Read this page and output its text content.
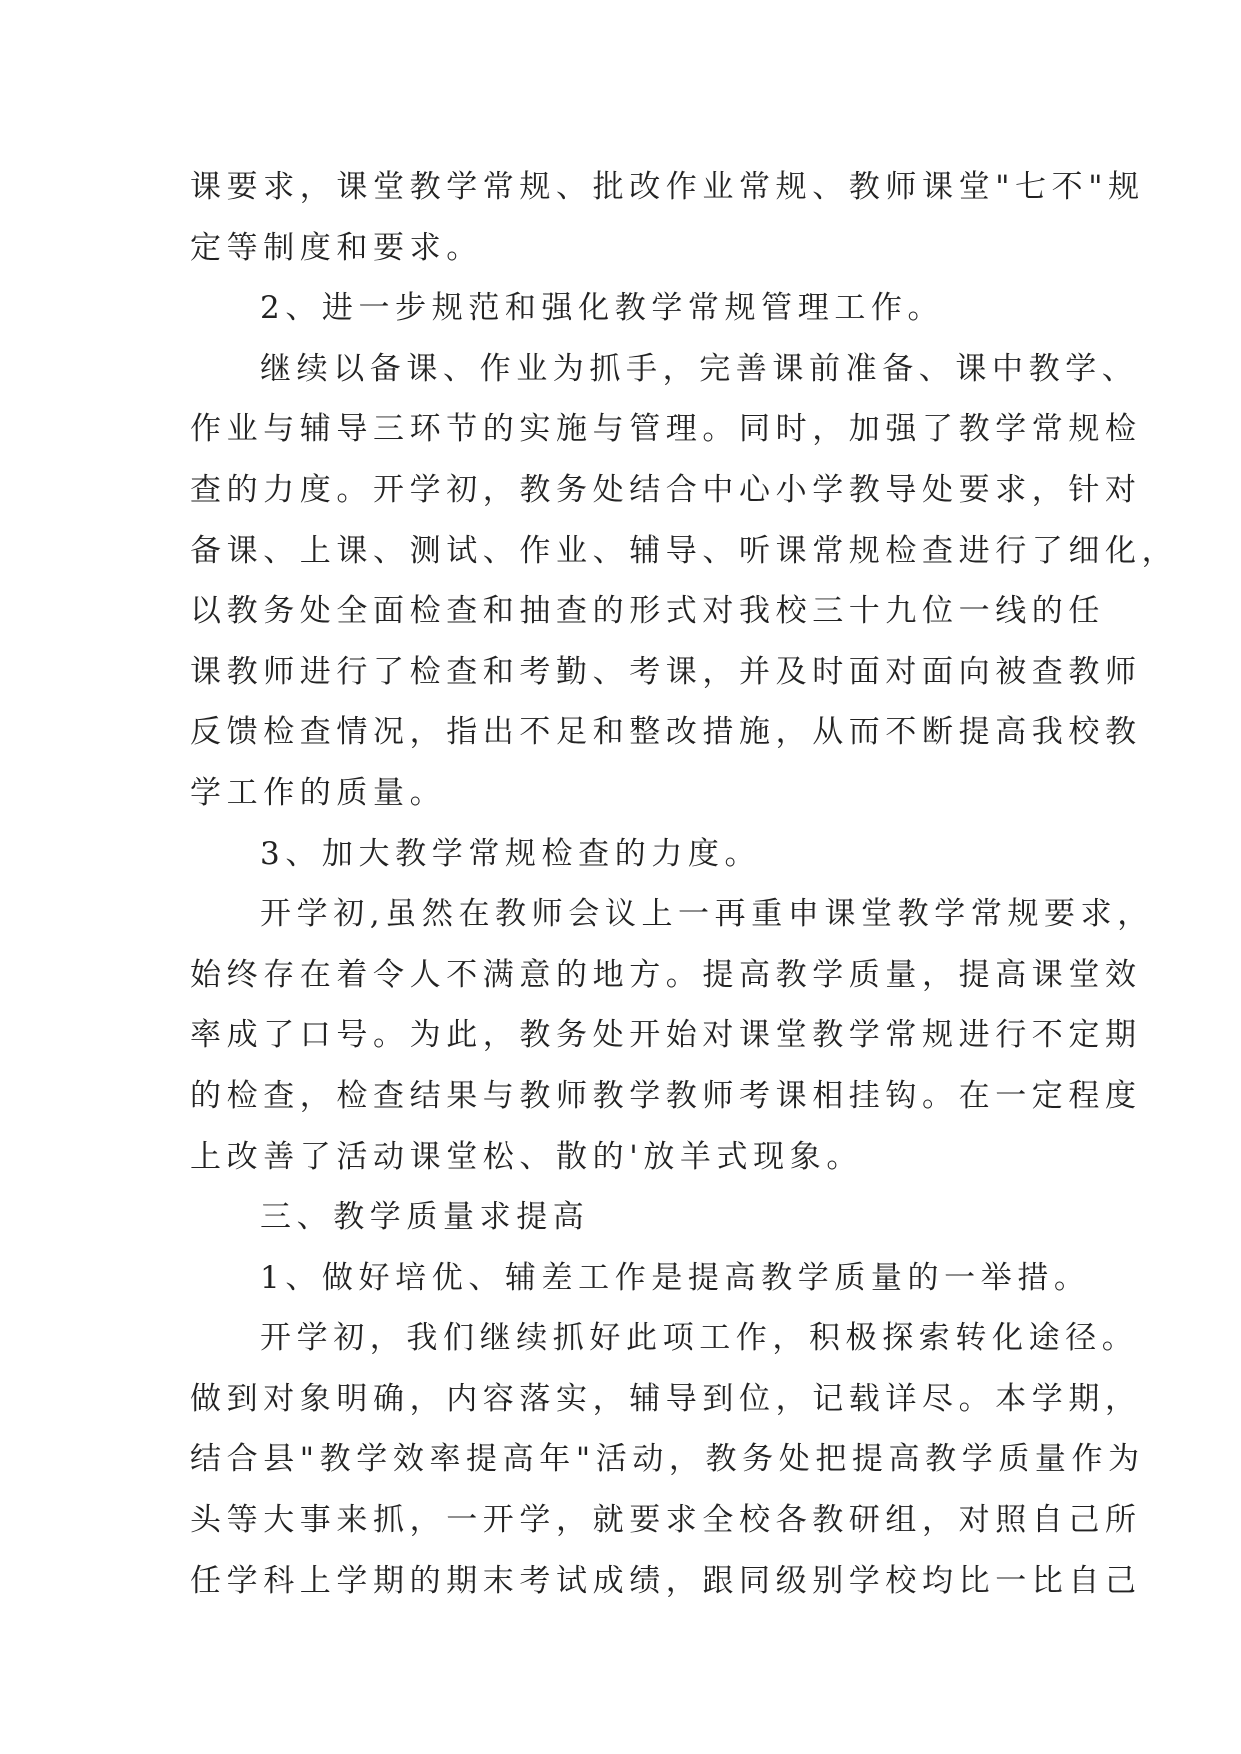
课要求，课堂教学常规、批改作业常规、教师课堂"七不"规
定等制度和要求。
2、进一步规范和强化教学常规管理工作。
继续以备课、作业为抓手，完善课前准备、课中教学、
作业与辅导三环节的实施与管理。同时，加强了教学常规检
查的力度。开学初，教务处结合中心小学教导处要求，针对
备课、上课、测试、作业、辅导、听课常规检查进行了细化，
以教务处全面检查和抽查的形式对我校三十九位一线的任
课教师进行了检查和考勤、考课，并及时面对面向被查教师
反馈检查情况，指出不足和整改措施，从而不断提高我校教
学工作的质量。
3、加大教学常规检查的力度。
开学初,虽然在教师会议上一再重申课堂教学常规要求，
始终存在着令人不满意的地方。提高教学质量，提高课堂效
率成了口号。为此，教务处开始对课堂教学常规进行不定期
的检查，检查结果与教师教学教师考课相挂钩。在一定程度
上改善了活动课堂松、散的'放羊式现象。
三、教学质量求提高
1、做好培优、辅差工作是提高教学质量的一举措。
开学初，我们继续抓好此项工作，积极探索转化途径。
做到对象明确，内容落实，辅导到位，记载详尽。本学期，
结合县"教学效率提高年"活动，教务处把提高教学质量作为
头等大事来抓，一开学，就要求全校各教研组，对照自己所
任学科上学期的期末考试成绩，跟同级别学校均比一比自己
